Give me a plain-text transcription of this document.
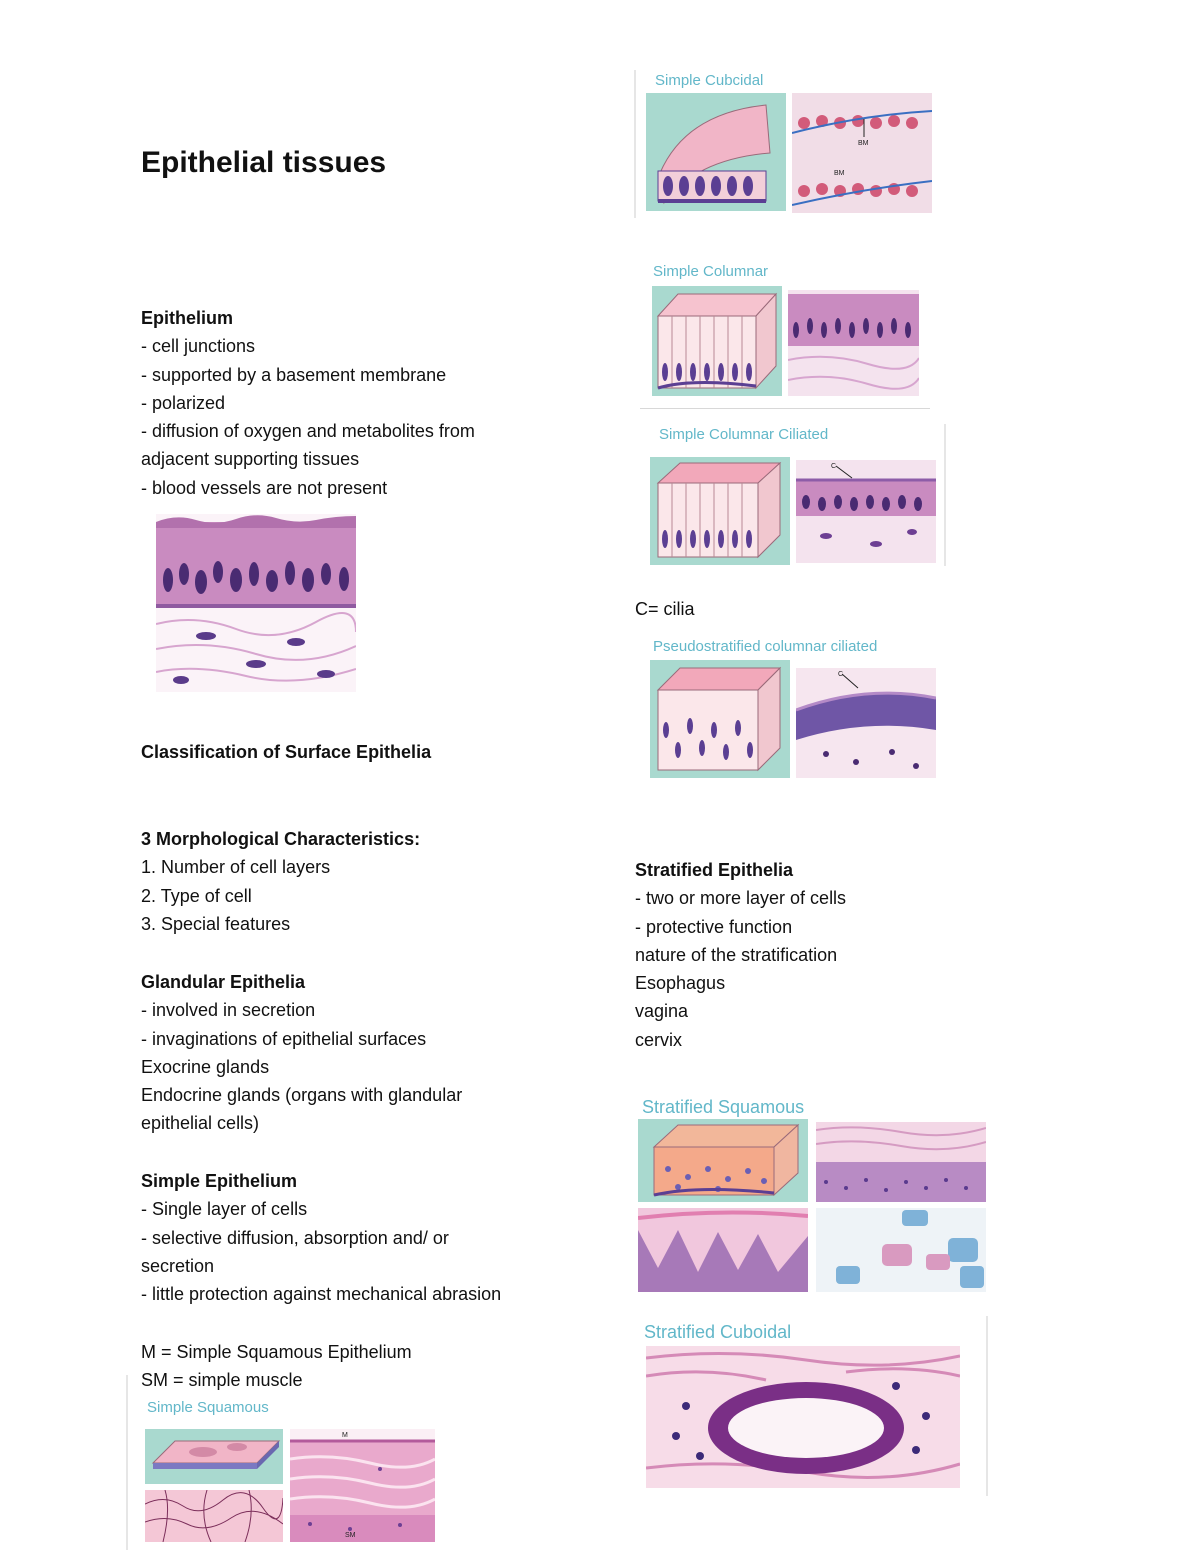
Epithelial tissues
Epithelium
- cell junctions
- supported by a basement membrane
- polarized
- diffusion of oxygen and metabolites from
adjacent supporting tissues
- blood vessels are not present
Classification of Surface Epithelia
3 Morphological Characteristics:
1. Number of cell layers
2. Type of cell
3. Special features
Glandular Epithelia
- involved in secretion
- invaginations of epithelial surfaces
Exocrine glands
Endocrine glands (organs with glandular
epithelial cells)
Simple Epithelium
- Single layer of cells
- selective diffusion, absorption and/ or
secretion
- little protection against mechanical abrasion
M = Simple Squamous Epithelium
SM = simple muscle
Simple Squamous
M
SM
Simple Cubcidal
BM
BM
Simple Columnar
Simple Columnar Ciliated
C
C= cilia
Pseudostratified columnar ciliated
C
Stratified Epithelia
- two or more layer of cells
- protective function
nature of the stratification
Esophagus
vagina
cervix
Stratified Squamous
Stratified Cuboidal
